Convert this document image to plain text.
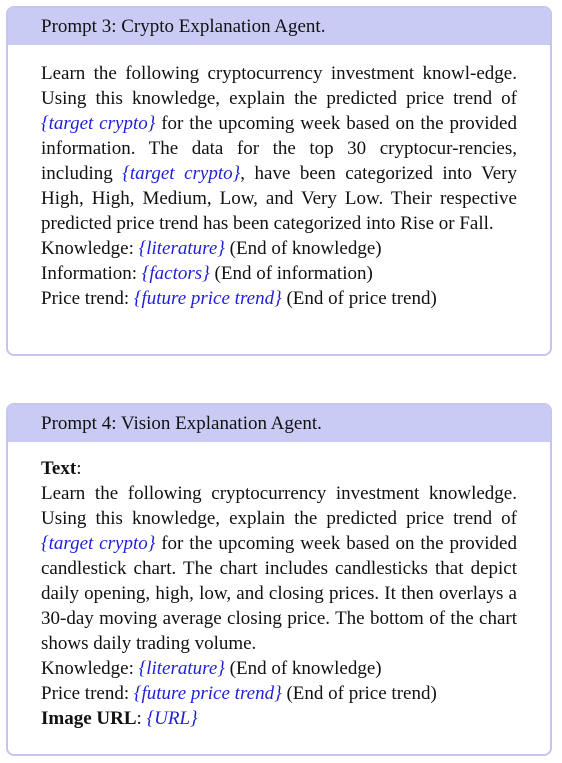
Prompt 3: Crypto Explanation Agent.

Learn the following cryptocurrency investment knowl-edge. Using this knowledge, explain the predicted price trend of {target crypto} for the upcoming week based on the provided information. The data for the top 30 cryptocur-rencies, including {target crypto}, have been categorized into Very High, High, Medium, Low, and Very Low. Their respective predicted price trend has been categorized into Rise or Fall.

Knowledge: {literature} (End of knowledge)
Information: {factors} (End of information)
Price trend: {future price trend} (End of price trend)
Prompt 4: Vision Explanation Agent.
Text:

Learn the following cryptocurrency investment knowledge. Using this knowledge, explain the predicted price trend of {target crypto} for the upcoming week based on the provided candlestick chart. The chart includes candlesticks that depict daily opening, high, low, and closing prices. It then overlays a 30-day moving average closing price. The bottom of the chart shows daily trading volume.

Knowledge: {literature} (End of knowledge)
Price trend: {future price trend} (End of price trend)
Image URL: {URL}
